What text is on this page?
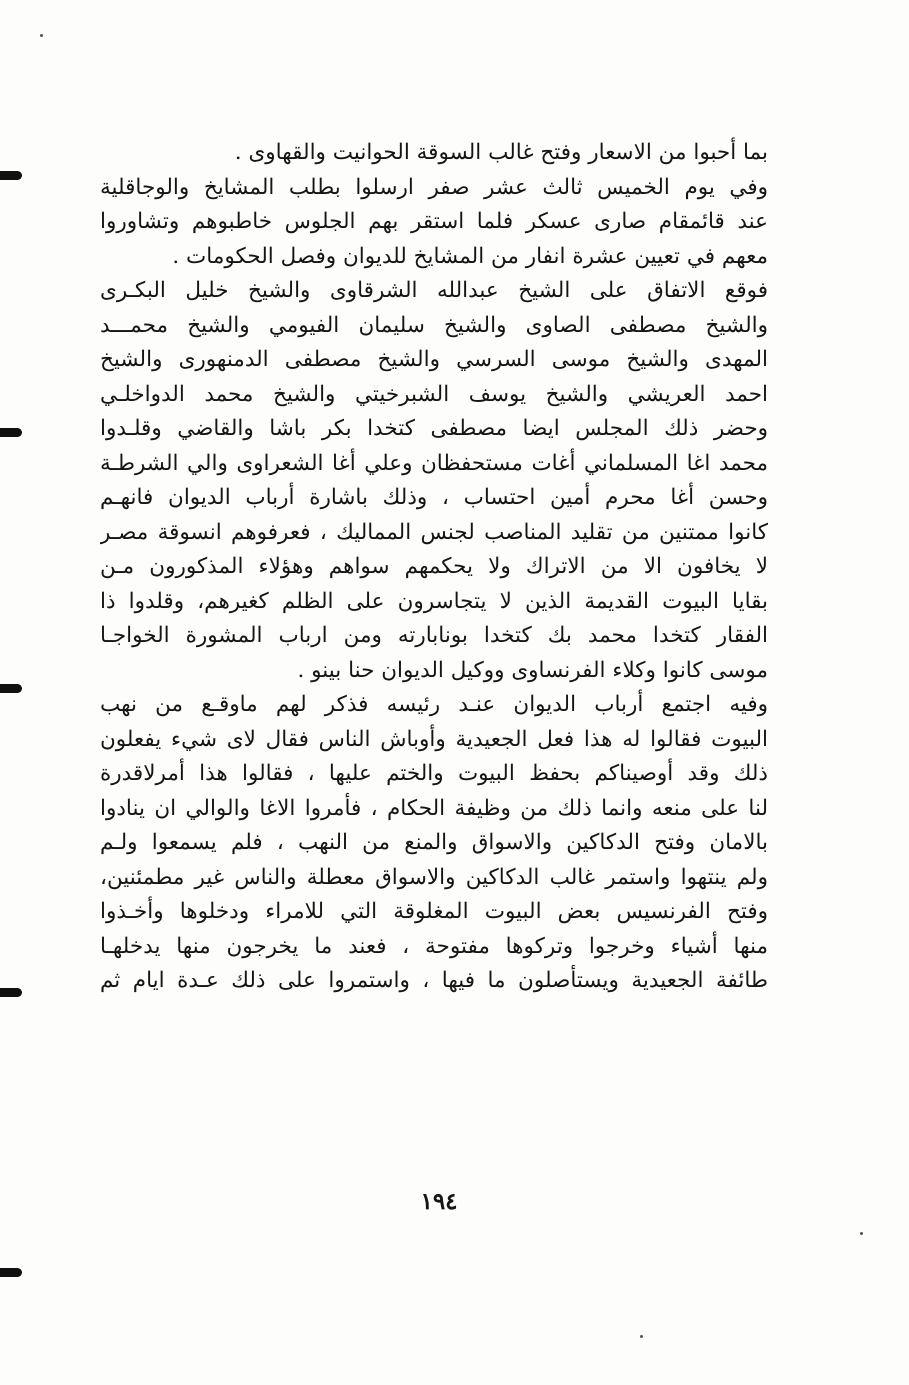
بما أحبوا من الاسعار وفتح غالب السوقة الحوانيت والقهاوى .
وفي يوم الخميس ثالث عشر صفر ارسلوا بطلب المشايخ والوجاقلية
عند قائمقام صارى عسكر فلما استقر بهم الجلوس خاطبوهم وتشاوروا
معهم في تعيين عشرة انفار من المشايخ للديوان وفصل الحكومات .
فوقع الاتفاق على الشيخ عبدالله الشرقاوى والشيخ خليل البكـرى
والشيخ مصطفى الصاوى والشيخ سليمان الفيومي والشيخ محمـــد
المهدى والشيخ موسى السرسي والشيخ مصطفى الدمنهورى والشيخ
احمد العريشي والشيخ يوسف الشبرخيتي والشيخ محمد الدواخلـي
وحضر ذلك المجلس ايضا مصطفى كتخدا بكر باشا والقاضي وقلـدوا
محمد اغا المسلماني أغات مستحفظان وعلي أغا الشعراوى والي الشرطـة
وحسن أغا محرم أمين احتساب ، وذلك باشارة أرباب الديوان فانهـم
كانوا ممتنين من تقليد المناصب لجنس المماليك ، فعرفوهم انسوقة مصـر
لا يخافون الا من الاتراك ولا يحكمهم سواهم وهؤلاء المذكورون مـن
بقايا البيوت القديمة الذين لا يتجاسرون على الظلم كغيرهم، وقلدوا ذا
الفقار كتخدا محمد بك كتخدا بونابارته ومن ارباب المشورة الخواجـا
موسى كانوا وكلاء الفرنساوى ووكيل الديوان حنا بينو .
وفيه اجتمع أرباب الديوان عنـد رئيسه فذكر لهم ماوقـع من نهب
البيوت فقالوا له هذا فعل الجعيدية وأوباش الناس فقال لاى شيء يفعلون
ذلك وقد أوصيناكم بحفظ البيوت والختم عليها ، فقالوا هذا أمرلاقدرة
لنا على منعه وانما ذلك من وظيفة الحكام ، فأمروا الاغا والوالي ان ينادوا
بالامان وفتح الدكاكين والاسواق والمنع من النهب ، فلم يسمعوا ولـم
ولم ينتهوا واستمر غالب الدكاكين والاسواق معطلة والناس غير مطمئنين،
وفتح الفرنسيس بعض البيوت المغلوقة التي للامراء ودخلوها وأخـذوا
منها أشياء وخرجوا وتركوها مفتوحة ، فعند ما يخرجون منها يدخلهـا
طائفة الجعيدية ويستأصلون ما فيها ، واستمروا على ذلك عـدة ايام ثم
١٩٤
